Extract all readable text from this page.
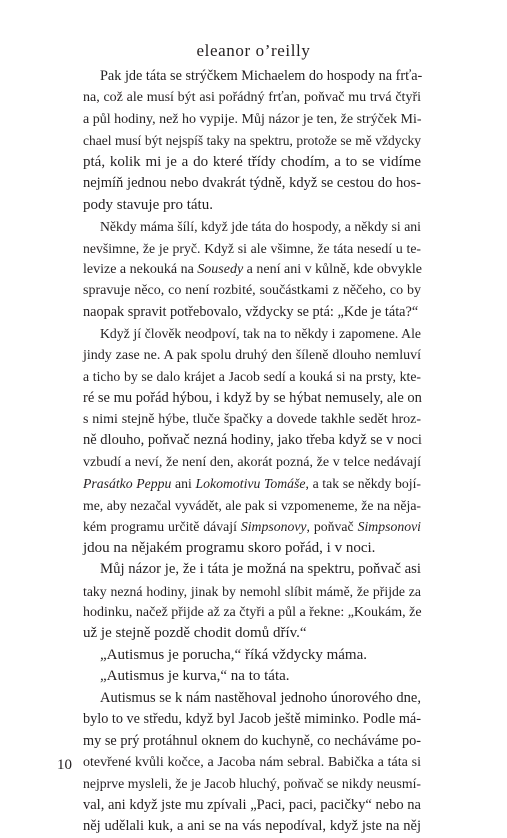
eleanor o’reilly
Pak jde táta se strýčkem Michaelem do hospody na frťa-
na, což ale musí být asi pořádný frťan, poňvač mu trvá čtyři
a půl hodiny, než ho vypije. Můj názor je ten, že strýček Mi-
chael musí být nejspíš taky na spektru, protože se mě vždycky
ptá, kolik mi je a do které třídy chodím, a to se vidíme
nejmíň jednou nebo dvakrát týdně, když se cestou do hos-
pody stavuje pro tátu.
Někdy máma šílí, když jde táta do hospody, a někdy si ani
nevšimne, že je pryč. Když si ale všimne, že táta nesedí u te-
levize a nekouká na Sousedy a není ani v kůlně, kde obvykle
spravuje něco, co není rozbité, součástkami z něčeho, co by
naopak spravit potřebovalo, vždycky se ptá: „Kde je táta?“
Když jí člověk neodpoví, tak na to někdy i zapomene. Ale
jindy zase ne. A pak spolu druhý den šíleně dlouho nemluví
a ticho by se dalo krájet a Jacob sedí a kouká si na prsty, kte-
ré se mu pořád hýbou, i když by se hýbat nemusely, ale on
s nimi stejně hýbe, tluče špačky a dovede takhle sedět hroz-
ně dlouho, poňvač nezná hodiny, jako třeba když se v noci
vzbudí a neví, že není den, akorát pozná, že v telce nedávají
Prasátko Peppu ani Lokomotivu Tomáše, a tak se někdy bojí-
me, aby nezačal vyvádět, ale pak si vzpomeneme, že na nějа-
kém programu určitě dávají Simpsonovy, poňvač Simpsonovi
jdou na nějakém programu skoro pořád, i v noci.
Můj názor je, že i táta je možná na spektru, poňvač asi
taky nezná hodiny, jinak by nemohl slíbit mámě, že přijde za
hodinku, načež přijde až za čtyři a půl a řekne: „Koukám, že
už je stejně pozdě chodit domů dřív.“
„Autismus je porucha,“ říká vždycky máma.
„Autismus je kurva,“ na to táta.
Autismus se k nám nastěhoval jednoho únorového dne,
bylo to ve středu, když byl Jacob ještě miminko. Podle má-
my se prý protáhnul oknem do kuchyně, co necháváme po-
otevřené kvůli kočce, a Jacoba nám sebral. Babička a táta si
nejprve mysleli, že je Jacob hluchý, poňvač se nikdy neusmí-
val, ani když jste mu zpívali „Paci, paci, pacičky“ nebo na
něj udělali kuk, a ani se na vás nepodíval, když jste na něj
10
